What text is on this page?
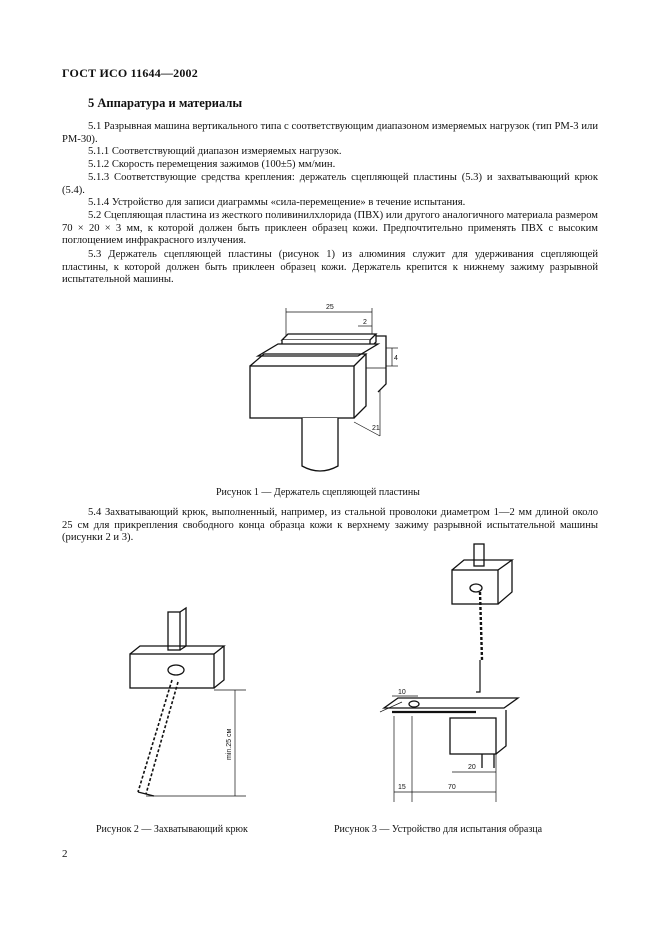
ГОСТ ИСО 11644—2002
5 Аппаратура и материалы
5.1 Разрывная машина вертикального типа с соответствующим диапазоном измеряемых нагрузок (тип РМ-3 или РМ-30).
5.1.1 Соответствующий диапазон измеряемых нагрузок.
5.1.2 Скорость перемещения зажимов (100±5) мм/мин.
5.1.3 Соответствующие средства крепления: держатель сцепляющей пластины (5.3) и захватывающий крюк (5.4).
5.1.4 Устройство для записи диаграммы «сила-перемещение» в течение испытания.
5.2 Сцепляющая пластина из жесткого поливинилхлорида (ПВХ) или другого аналогичного материала размером 70 × 20 × 3 мм, к которой должен быть приклеен образец кожи. Предпочтительно применять ПВХ с высоким поглощением инфракрасного излучения.
5.3 Держатель сцепляющей пластины (рисунок 1) из алюминия служит для удерживания сцепляющей пластины, к которой должен быть приклеен образец кожи. Держатель крепится к нижнему зажиму разрывной испытательной машины.
25
2
4
21
Рисунок 1 — Держатель сцепляющей пластины
5.4 Захватывающий крюк, выполненный, например, из стальной проволоки диаметром 1—2 мм длиной около 25 см для прикрепления свободного конца образца кожи к верхнему зажиму разрывной испытательной машины (рисунки 2 и 3).
min.25 см
Рисунок 2 — Захватывающий крюк
10
20
15	70
Рисунок 3 — Устройство для испытания образца
2
